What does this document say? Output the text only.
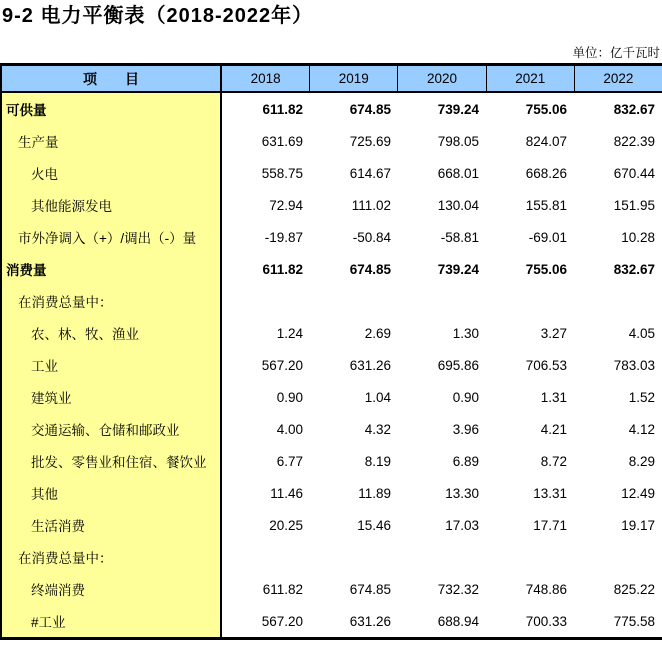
9-2 电力平衡表（2018-2022年）
单位：亿千瓦时
项　　目	2018	2019	2020	2021	2022
可供量	611.82	674.85	739.24	755.06	832.67
生产量	631.69	725.69	798.05	824.07	822.39
火电	558.75	614.67	668.01	668.26	670.44
其他能源发电	72.94	111.02	130.04	155.81	151.95
市外净调入（+）/调出（-）量	-19.87	-50.84	-58.81	-69.01	10.28
消费量	611.82	674.85	739.24	755.06	832.67
在消费总量中：
农、林、牧、渔业	1.24	2.69	1.30	3.27	4.05
工业	567.20	631.26	695.86	706.53	783.03
建筑业	0.90	1.04	0.90	1.31	1.52
交通运输、仓储和邮政业	4.00	4.32	3.96	4.21	4.12
批发、零售业和住宿、餐饮业	6.77	8.19	6.89	8.72	8.29
其他	11.46	11.89	13.30	13.31	12.49
生活消费	20.25	15.46	17.03	17.71	19.17
在消费总量中：
终端消费	611.82	674.85	732.32	748.86	825.22
#工业	567.20	631.26	688.94	700.33	775.58
